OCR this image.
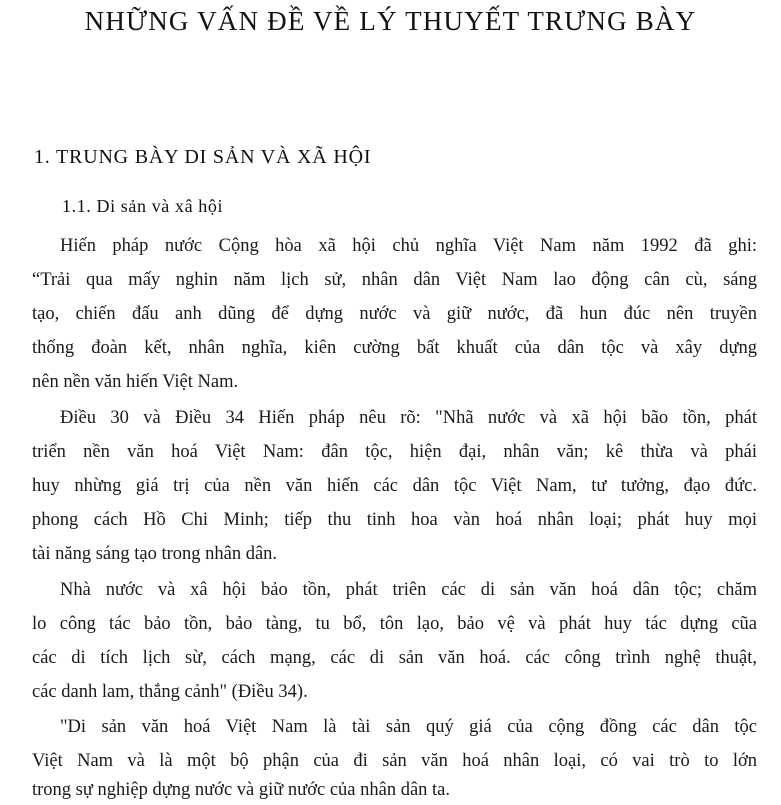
NHỮNG VẤN ĐỀ VỀ LÝ THUYẾT TRƯNG BÀY
1. TRUNG BÀY DI SẢN VÀ XÃ HỘI
1.1. Di sản và xâ hội
Hiến pháp nước Cộng hòa xã hội chủ nghĩa Việt Nam năm 1992 đã ghi:
“Trải qua mấy nghin năm lịch sử, nhân dân Việt Nam lao động cân cù, sáng
tạo, chiến đấu anh dũng để dựng nước và giữ nước, đã hun đúc nên truyền
thống đoàn kết, nhân nghĩa, kiên cường bất khuất của dân tộc và xây dựng
nên nền văn hiến Việt Nam.
Điều 30 và Điều 34 Hiến pháp nêu rõ: "Nhã nước và xã hội bão tồn, phát
triển nền văn hoá Việt Nam: đân tộc, hiện đại, nhân văn; kê thừa và phái
huy nhừng giá trị của nền văn hiến các dân tộc Việt Nam, tư tưởng, đạo đức.
phong cách Hồ Chi Minh; tiếp thu tinh hoa vàn hoá nhân loại; phát huy mọi
tài năng sáng tạo trong nhân dân.
Nhà nước và xâ hội bảo tồn, phát triên các di sản văn hoá dân tộc; chăm
lo công tác bảo tồn, bảo tàng, tu bổ, tôn lạo, bảo vệ và phát huy tác dựng cũa
các di tích lịch sừ, cách mạng, các di sản văn hoá. các công trình nghệ thuật,
các danh lam, thắng cảnh" (Điều 34).
"Di sản văn hoá Việt Nam là tài sản quý giá của cộng đồng các dân tộc
Việt Nam và là một bộ phận của đi sản văn hoá nhân loại, có vai trò to lớn
trong sự nghiệp dựng nước và giữ nước của nhân dân ta.
